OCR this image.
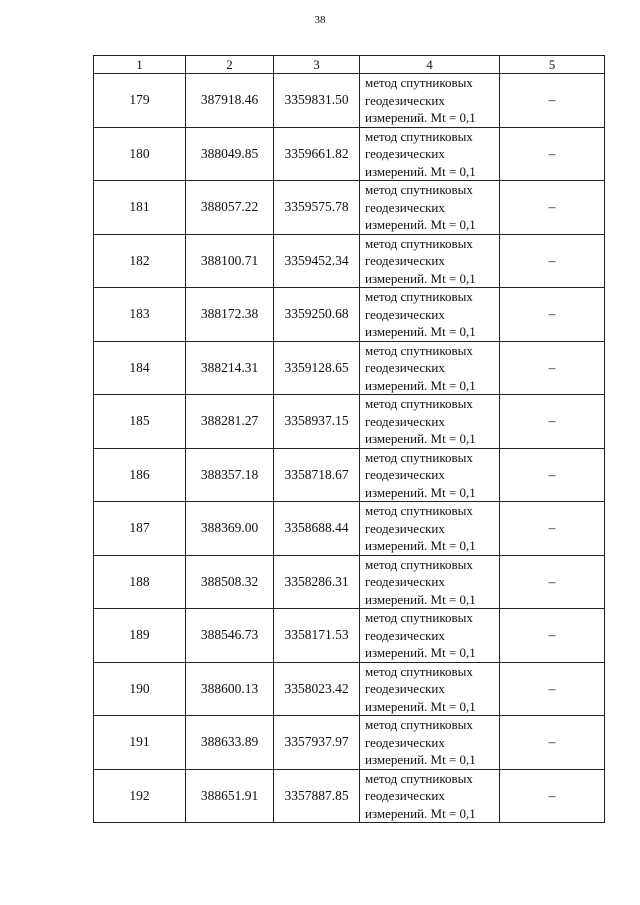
38
1	2	3	4	5
179	387918.46	3359831.50	метод спутниковых
геодезических
измерений. Mt = 0,1	–
180	388049.85	3359661.82	метод спутниковых
геодезических
измерений. Mt = 0,1	–
181	388057.22	3359575.78	метод спутниковых
геодезических
измерений. Mt = 0,1	–
182	388100.71	3359452.34	метод спутниковых
геодезических
измерений. Mt = 0,1	–
183	388172.38	3359250.68	метод спутниковых
геодезических
измерений. Mt = 0,1	–
184	388214.31	3359128.65	метод спутниковых
геодезических
измерений. Mt = 0,1	–
185	388281.27	3358937.15	метод спутниковых
геодезических
измерений. Mt = 0,1	–
186	388357.18	3358718.67	метод спутниковых
геодезических
измерений. Mt = 0,1	–
187	388369.00	3358688.44	метод спутниковых
геодезических
измерений. Mt = 0,1	–
188	388508.32	3358286.31	метод спутниковых
геодезических
измерений. Mt = 0,1	–
189	388546.73	3358171.53	метод спутниковых
геодезических
измерений. Mt = 0,1	–
190	388600.13	3358023.42	метод спутниковых
геодезических
измерений. Mt = 0,1	–
191	388633.89	3357937.97	метод спутниковых
геодезических
измерений. Mt = 0,1	–
192	388651.91	3357887.85	метод спутниковых
геодезических
измерений. Mt = 0,1	–
